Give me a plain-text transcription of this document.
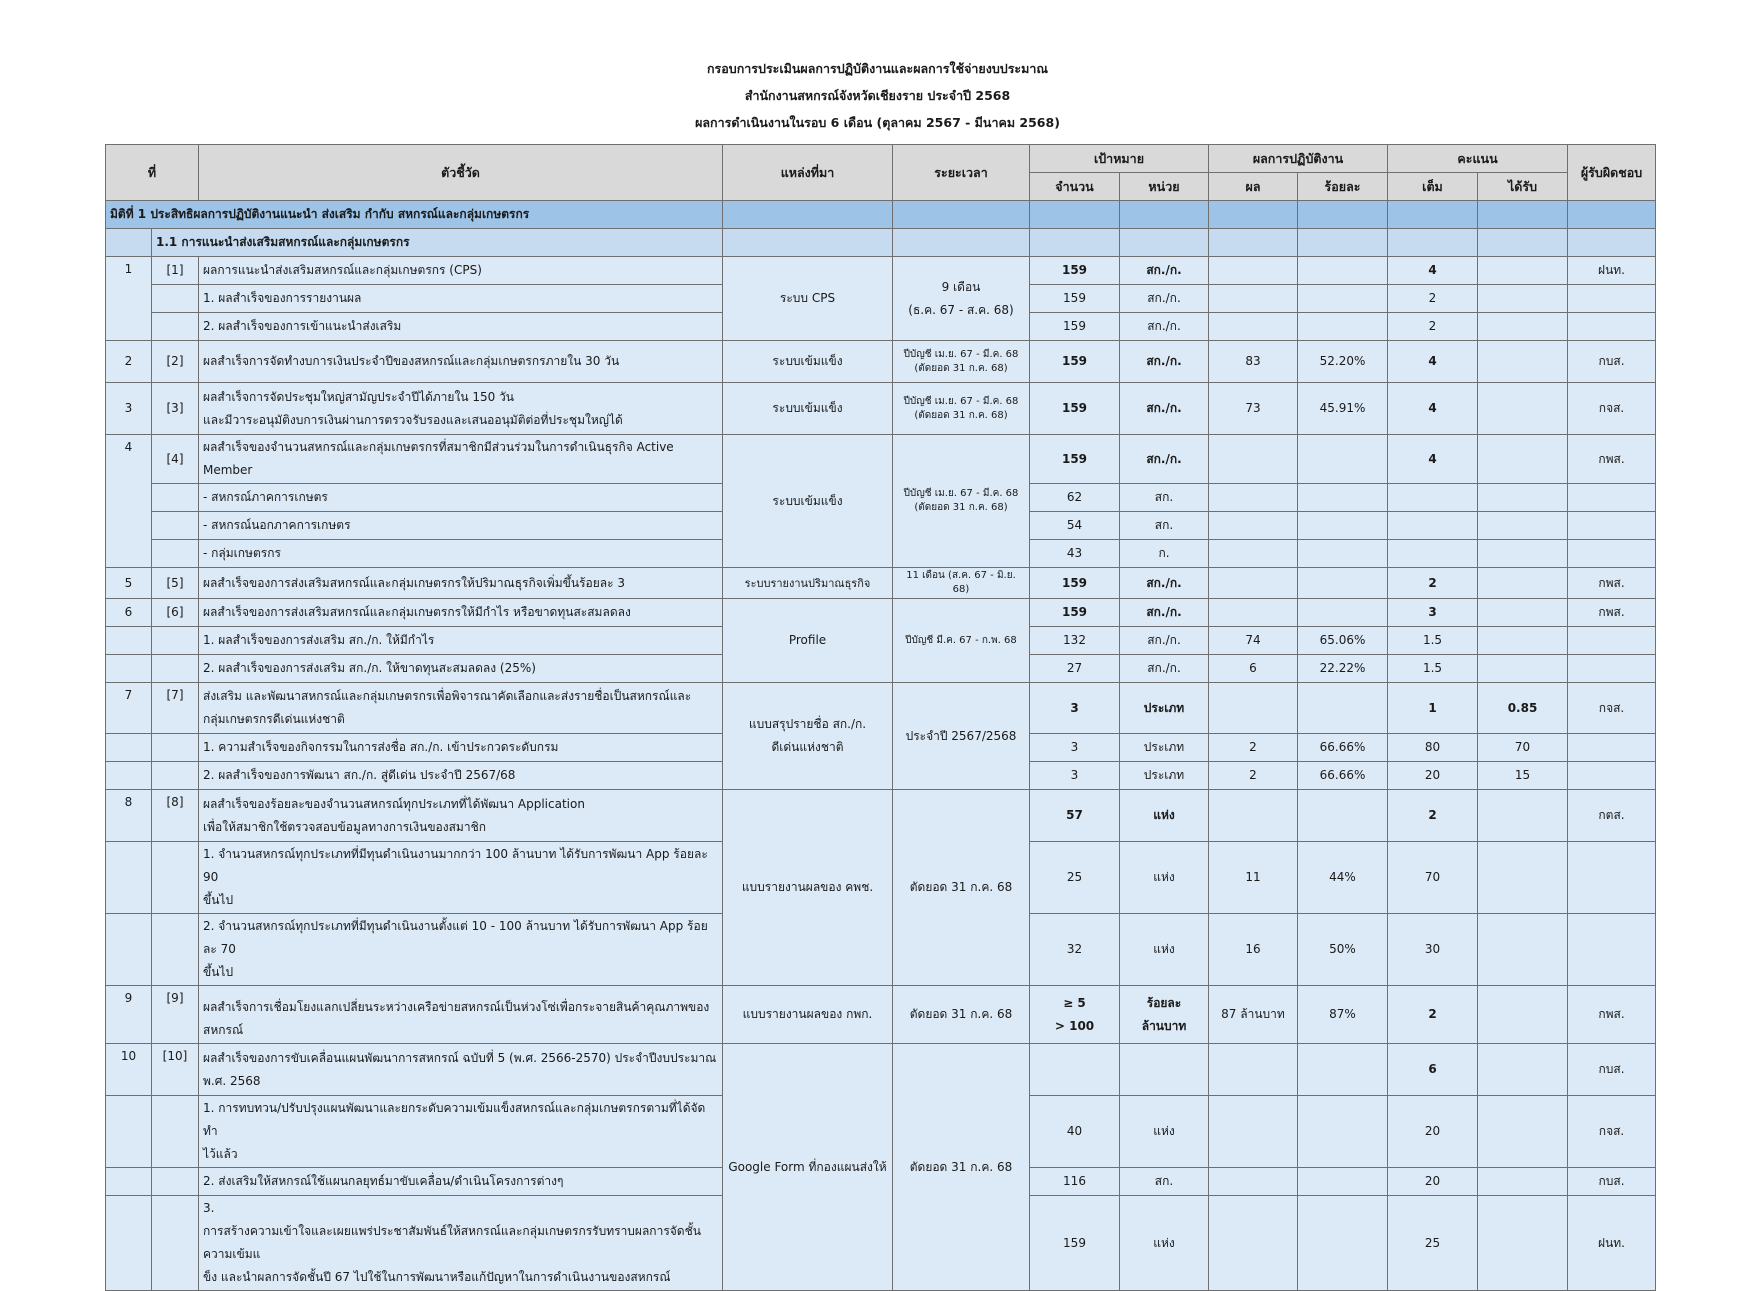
กรอบการประเมินผลการปฏิบัติงานและผลการใช้จ่ายงบประมาณ
สำนักงานสหกรณ์จังหวัดเชียงราย ประจำปี 2568
ผลการดำเนินงานในรอบ 6 เดือน (ตุลาคม 2567 - มีนาคม 2568)
ที่		ตัวชี้วัด	แหล่งที่มา	ระยะเวลา	เป้าหมาย		ผลการปฏิบัติงาน		คะแนน		ผู้รับผิดชอบ
					จำนวน	หน่วย	ผล	ร้อยละ	เต็ม	ได้รับ	
มิติที่ 1 ประสิทธิผลการปฏิบัติงานแนะนำ ส่งเสริม กำกับ สหกรณ์และกลุ่มเกษตรกร											
	1.1 การแนะนำส่งเสริมสหกรณ์และกลุ่มเกษตรกร										
1	[1]	ผลการแนะนำส่งเสริมสหกรณ์และกลุ่มเกษตรกร (CPS)	ระบบ CPS	9 เดือน
(ธ.ค. 67 - ส.ค. 68)	159	สก./ก.			4		ฝนท.
		1. ผลสำเร็จของการรายงานผล			159	สก./ก.			2		
		2. ผลสำเร็จของการเข้าแนะนำส่งเสริม			159	สก./ก.			2		
2	[2]	ผลสำเร็จการจัดทำงบการเงินประจำปีของสหกรณ์และกลุ่มเกษตรกรภายใน 30 วัน	ระบบเข้มแข็ง	ปีบัญชี เม.ย. 67 - มี.ค. 68
(ตัดยอด 31 ก.ค. 68)	159	สก./ก.	83	52.20%	4		กบส.
3	[3]	ผลสำเร็จการจัดประชุมใหญ่สามัญประจำปีได้ภายใน 150 วัน
และมีวาระอนุมัติงบการเงินผ่านการตรวจรับรองและเสนออนุมัติต่อที่ประชุมใหญ่ได้	ระบบเข้มแข็ง	ปีบัญชี เม.ย. 67 - มี.ค. 68
(ตัดยอด 31 ก.ค. 68)	159	สก./ก.	73	45.91%	4		กจส.
4	[4]	ผลสำเร็จของจำนวนสหกรณ์และกลุ่มเกษตรกรที่สมาชิกมีส่วนร่วมในการดำเนินธุรกิจ Active Member	ระบบเข้มแข็ง	ปีบัญชี เม.ย. 67 - มี.ค. 68
(ตัดยอด 31 ก.ค. 68)	159	สก./ก.			4		กพส.
		- สหกรณ์ภาคการเกษตร			62	สก.					
		- สหกรณ์นอกภาคการเกษตร			54	สก.					
		- กลุ่มเกษตรกร			43	ก.					
5	[5]	ผลสำเร็จของการส่งเสริมสหกรณ์และกลุ่มเกษตรกรให้ปริมาณธุรกิจเพิ่มขึ้นร้อยละ 3	ระบบรายงานปริมาณธุรกิจ	11 เดือน (ส.ค. 67 - มิ.ย. 68)	159	สก./ก.			2		กพส.
6	[6]	ผลสำเร็จของการส่งเสริมสหกรณ์และกลุ่มเกษตรกรให้มีกำไร หรือขาดทุนสะสมลดลง	Profile	ปีบัญชี มี.ค. 67 - ก.พ. 68	159	สก./ก.			3		กพส.
		1. ผลสำเร็จของการส่งเสริม สก./ก. ให้มีกำไร			132	สก./ก.	74	65.06%	1.5		
		2. ผลสำเร็จของการส่งเสริม สก./ก. ให้ขาดทุนสะสมลดลง (25%)			27	สก./ก.	6	22.22%	1.5		
7	[7]	ส่งเสริม และพัฒนาสหกรณ์และกลุ่มเกษตรกรเพื่อพิจารณาคัดเลือกและส่งรายชื่อเป็นสหกรณ์และ
กลุ่มเกษตรกรดีเด่นแห่งชาติ	แบบสรุปรายชื่อ สก./ก.
ดีเด่นแห่งชาติ	ประจำปี 2567/2568	3	ประเภท			1	0.85	กจส.
		1. ความสำเร็จของกิจกรรมในการส่งชื่อ สก./ก. เข้าประกวดระดับกรม			3	ประเภท	2	66.66%	80	70	
		2. ผลสำเร็จของการพัฒนา สก./ก. สู่ดีเด่น ประจำปี 2567/68			3	ประเภท	2	66.66%	20	15	
8	[8]	ผลสำเร็จของร้อยละของจำนวนสหกรณ์ทุกประเภทที่ได้พัฒนา Application
เพื่อให้สมาชิกใช้ตรวจสอบข้อมูลทางการเงินของสมาชิก	แบบรายงานผลของ คพช.	ตัดยอด 31 ก.ค. 68	57	แห่ง			2		กตส.

		1. จำนวนสหกรณ์ทุกประเภทที่มีทุนดำเนินงานมากกว่า 100 ล้านบาท ได้รับการพัฒนา App ร้อยละ 90
ขึ้นไป			25	แห่ง	11	44%	70		

		2. จำนวนสหกรณ์ทุกประเภทที่มีทุนดำเนินงานตั้งแต่ 10 - 100 ล้านบาท ได้รับการพัฒนา App ร้อยละ 70
ขึ้นไป			32	แห่ง	16	50%	30		
9	[9]	ผลสำเร็จการเชื่อมโยงแลกเปลี่ยนระหว่างเครือข่ายสหกรณ์เป็นห่วงโซ่เพื่อกระจายสินค้าคุณภาพของสหกรณ์	แบบรายงานผลของ กพก.	ตัดยอด 31 ก.ค. 68	≥ 5
> 100	ร้อยละ
ล้านบาท	87 ล้านบาท	87%	2		กพส.
10	[10]	ผลสำเร็จของการขับเคลื่อนแผนพัฒนาการสหกรณ์ ฉบับที่ 5 (พ.ศ. 2566-2570) ประจำปีงบประมาณ
พ.ศ. 2568	Google Form ที่กองแผนส่งให้	ตัดยอด 31 ก.ค. 68					6		กบส.

		1. การทบทวน/ปรับปรุงแผนพัฒนาและยกระดับความเข้มแข็งสหกรณ์และกลุ่มเกษตรกรตามที่ได้จัดทำ
ไว้แล้ว			40	แห่ง			20		กจส.
		2. ส่งเสริมให้สหกรณ์ใช้แผนกลยุทธ์มาขับเคลื่อน/ดำเนินโครงการต่างๆ			116	สก.			20		กบส.

		3.
การสร้างความเข้าใจและเผยแพร่ประชาสัมพันธ์ให้สหกรณ์และกลุ่มเกษตรกรรับทราบผลการจัดชั้นความเข้มแ
ข็ง และนำผลการจัดชั้นปี 67 ไปใช้ในการพัฒนาหรือแก้ปัญหาในการดำเนินงานของสหกรณ์			159	แห่ง			25		ฝนท.
